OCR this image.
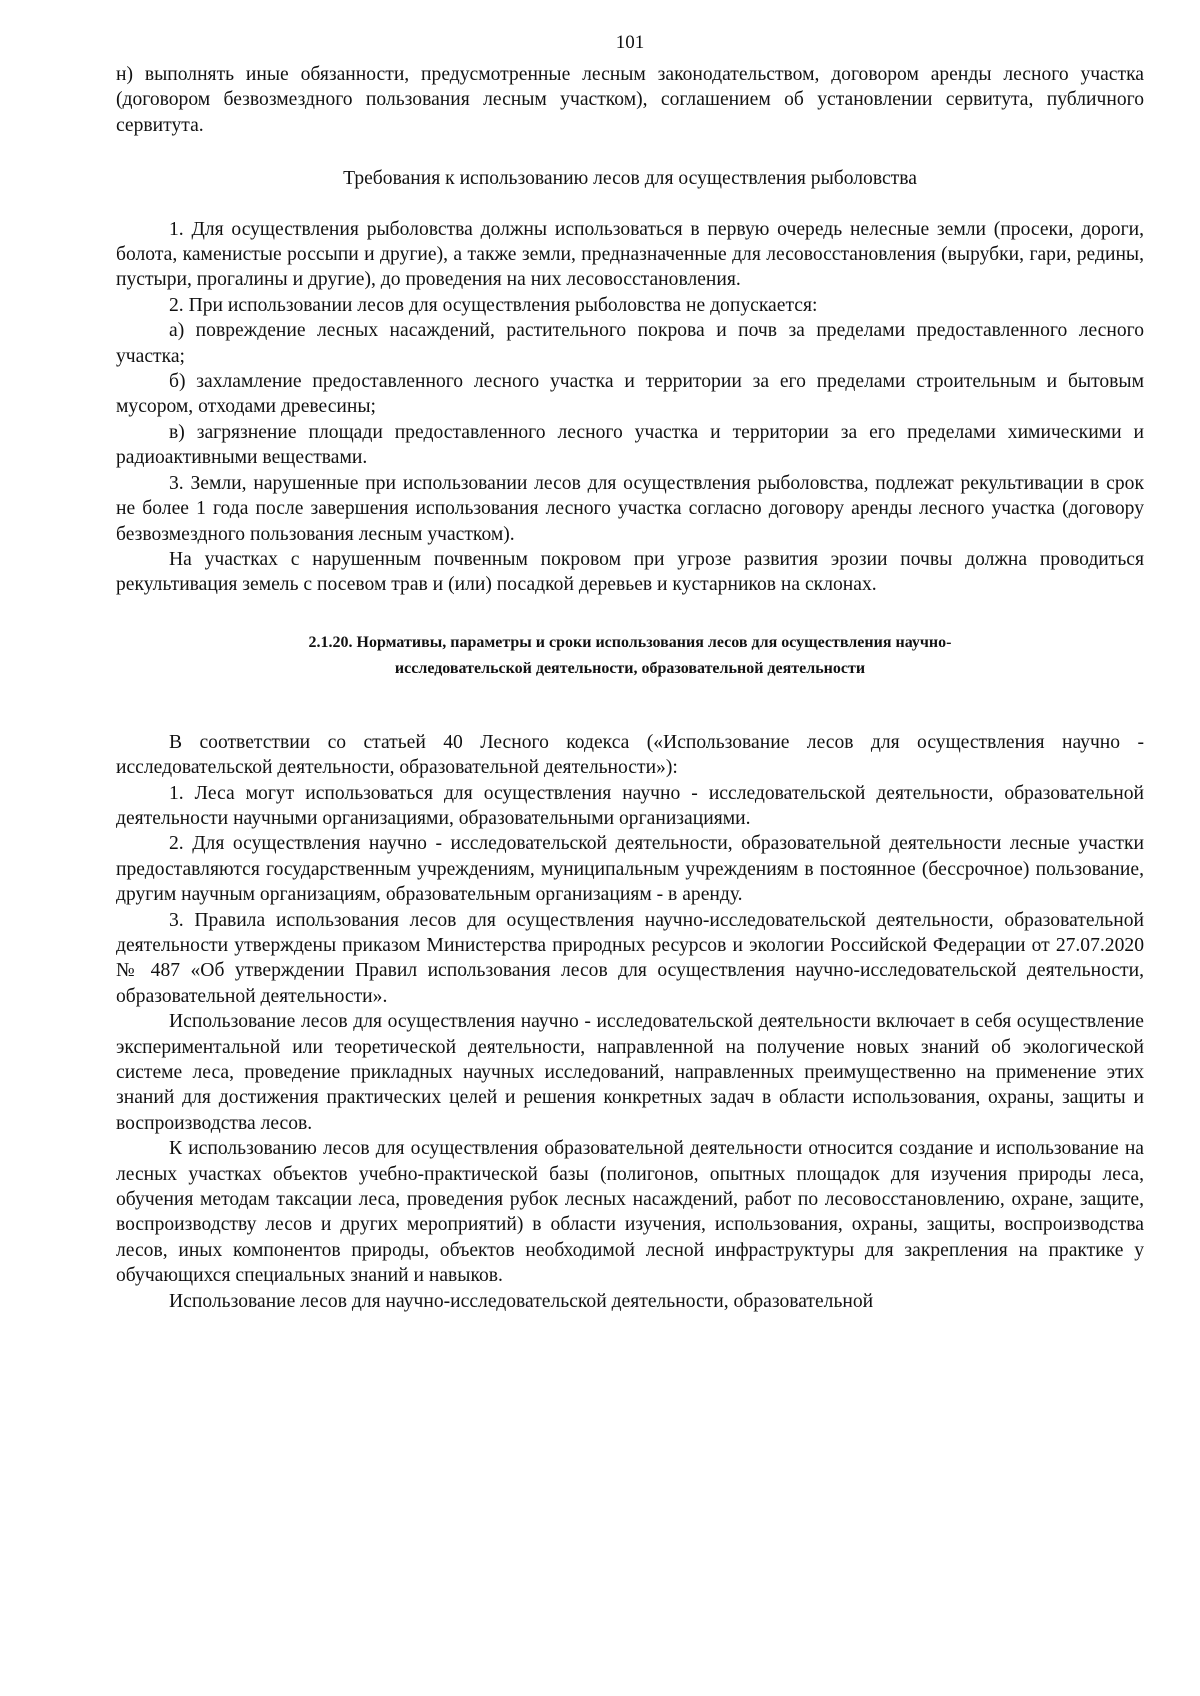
101

н) выполнять иные обязанности, предусмотренные лесным законодательством, договором аренды лесного участка (договором безвозмездного пользования лесным участком), соглашением об установлении сервитута, публичного сервитута.

Требования к использованию лесов для осуществления рыболовства

1. Для осуществления рыболовства должны использоваться в первую очередь нелесные земли (просеки, дороги, болота, каменистые россыпи и другие), а также земли, предназначенные для лесовосстановления (вырубки, гари, редины, пустыри, прогалины и другие), до проведения на них лесовосстановления.

2. При использовании лесов для осуществления рыболовства не допускается:

а) повреждение лесных насаждений, растительного покрова и почв за пределами предоставленного лесного участка;

б) захламление предоставленного лесного участка и территории за его пределами строительным и бытовым мусором, отходами древесины;

в) загрязнение площади предоставленного лесного участка и территории за его пределами химическими и радиоактивными веществами.

3. Земли, нарушенные при использовании лесов для осуществления рыболовства, подлежат рекультивации в срок не более 1 года после завершения использования лесного участка согласно договору аренды лесного участка (договору безвозмездного пользования лесным участком).

На участках с нарушенным почвенным покровом при угрозе развития эрозии почвы должна проводиться рекультивация земель с посевом трав и (или) посадкой деревьев и кустарников на склонах.

2.1.20. Нормативы, параметры и сроки использования лесов для осуществления научно-
исследовательской деятельности, образовательной деятельности

В соответствии со статьей 40 Лесного кодекса («Использование лесов для осуществления научно - исследовательской деятельности, образовательной деятельности»):

1. Леса могут использоваться для осуществления научно - исследовательской деятельности, образовательной деятельности научными организациями, образовательными организациями.

2. Для осуществления научно - исследовательской деятельности, образовательной деятельности лесные участки предоставляются государственным учреждениям, муниципальным учреждениям в постоянное (бессрочное) пользование, другим научным организациям, образовательным организациям - в аренду.

3. Правила использования лесов для осуществления научно-исследовательской деятельности, образовательной деятельности утверждены приказом Министерства природных ресурсов и экологии Российской Федерации от 27.07.2020 № 487 «Об утверждении Правил использования лесов для осуществления научно-исследовательской деятельности, образовательной деятельности».

Использование лесов для осуществления научно - исследовательской деятельности включает в себя осуществление экспериментальной или теоретической деятельности, направленной на получение новых знаний об экологической системе леса, проведение прикладных научных исследований, направленных преимущественно на применение этих знаний для достижения практических целей и решения конкретных задач в области использования, охраны, защиты и воспроизводства лесов.

К использованию лесов для осуществления образовательной деятельности относится создание и использование на лесных участках объектов учебно-практической базы (полигонов, опытных площадок для изучения природы леса, обучения методам таксации леса, проведения рубок лесных насаждений, работ по лесовосстановлению, охране, защите, воспроизводству лесов и других мероприятий) в области изучения, использования, охраны, защиты, воспроизводства лесов, иных компонентов природы, объектов необходимой лесной инфраструктуры для закрепления на практике у обучающихся специальных знаний и навыков.

Использование лесов для научно-исследовательской деятельности, образовательной
